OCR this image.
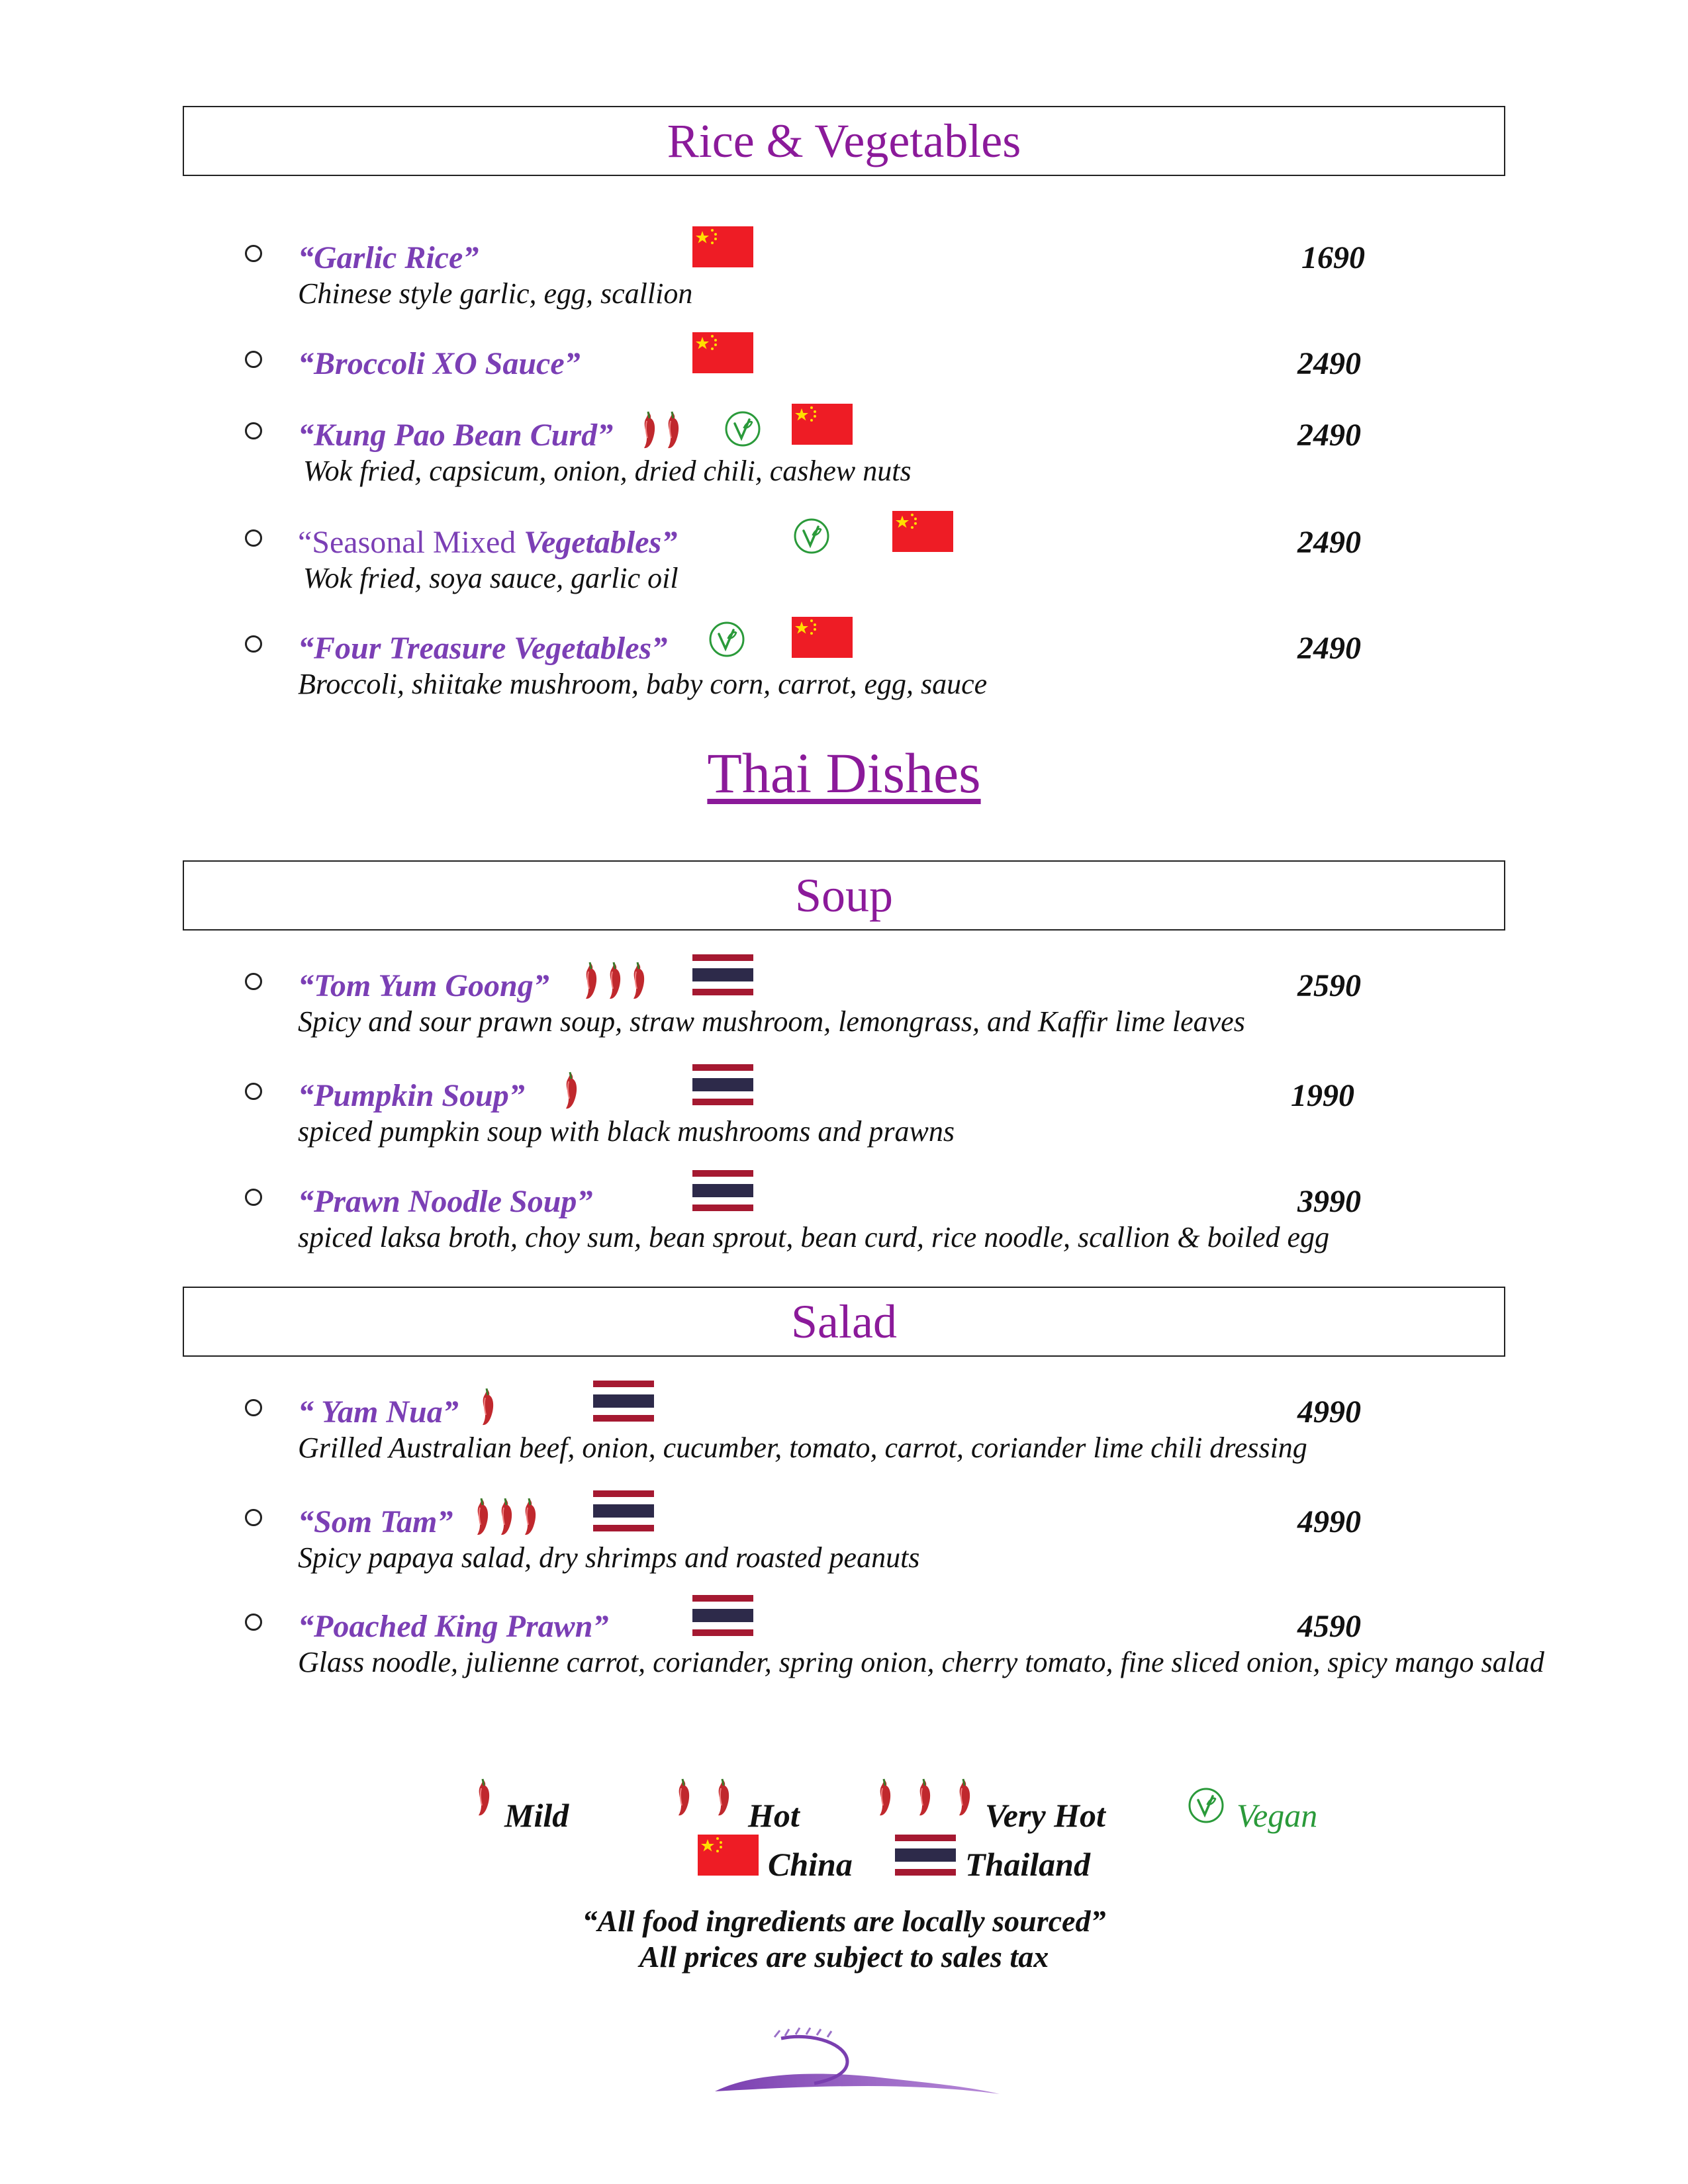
Rice & Vegetables
“Garlic Rice”	1690
Chinese style garlic, egg, scallion
“Broccoli XO Sauce”	2490
“Kung Pao Bean Curd”	2490
Wok fried, capsicum, onion, dried chili, cashew nuts
“Seasonal Mixed Vegetables”	2490
Wok fried, soya sauce, garlic oil
“Four Treasure Vegetables”	2490
Broccoli, shiitake mushroom, baby corn, carrot, egg, sauce
Thai Dishes
Soup
“Tom Yum Goong”	2590
Spicy and sour prawn soup, straw mushroom, lemongrass, and Kaffir lime leaves
“Pumpkin Soup”	1990
spiced pumpkin soup with black mushrooms and prawns
“Prawn Noodle Soup”	3990
spiced laksa broth, choy sum, bean sprout, bean curd, rice noodle, scallion & boiled egg
Salad
“ Yam Nua”	4990
Grilled Australian beef, onion, cucumber, tomato, carrot, coriander lime chili dressing
“Som Tam”	4990
Spicy papaya salad, dry shrimps and roasted peanuts
“Poached King Prawn”	4590
Glass noodle, julienne carrot, coriander, spring onion, cherry tomato, fine sliced onion, spicy mango salad
Mild	Hot	Very Hot	Vegan
China	Thailand
“All food ingredients are locally sourced”
All prices are subject to sales tax
